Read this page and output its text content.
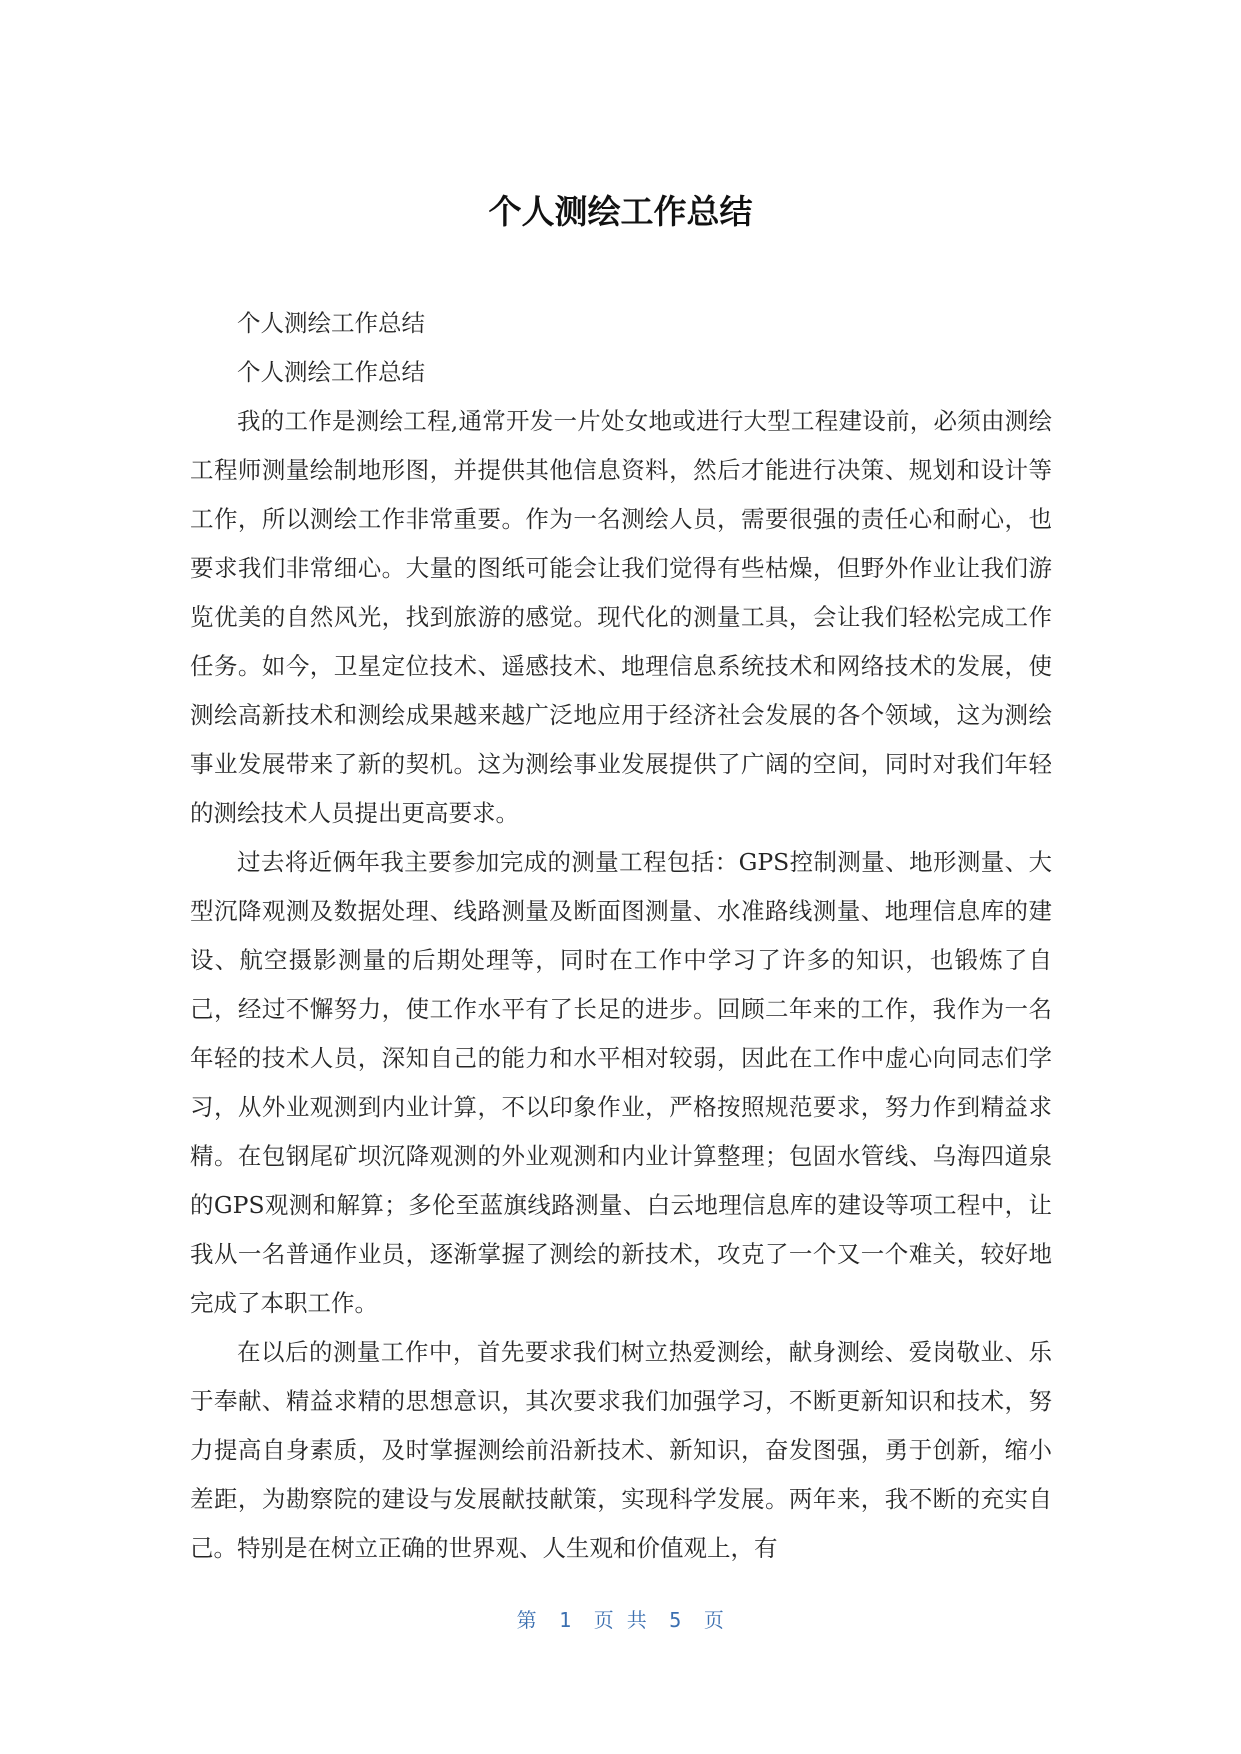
个人测绘工作总结

个人测绘工作总结

个人测绘工作总结

我的工作是测绘工程,通常开发一片处女地或进行大型工程建设前，必须由测绘工程师测量绘制地形图，并提供其他信息资料，然后才能进行决策、规划和设计等工作，所以测绘工作非常重要。作为一名测绘人员，需要很强的责任心和耐心，也要求我们非常细心。大量的图纸可能会让我们觉得有些枯燥，但野外作业让我们游览优美的自然风光，找到旅游的感觉。现代化的测量工具，会让我们轻松完成工作任务。如今，卫星定位技术、遥感技术、地理信息系统技术和网络技术的发展，使测绘高新技术和测绘成果越来越广泛地应用于经济社会发展的各个领域，这为测绘事业发展带来了新的契机。这为测绘事业发展提供了广阔的空间，同时对我们年轻的测绘技术人员提出更高要求。

过去将近俩年我主要参加完成的测量工程包括：GPS控制测量、地形测量、大型沉降观测及数据处理、线路测量及断面图测量、水准路线测量、地理信息库的建设、航空摄影测量的后期处理等，同时在工作中学习了许多的知识，也锻炼了自己，经过不懈努力，使工作水平有了长足的进步。回顾二年来的工作，我作为一名年轻的技术人员，深知自己的能力和水平相对较弱，因此在工作中虚心向同志们学习，从外业观测到内业计算，不以印象作业，严格按照规范要求，努力作到精益求精。在包钢尾矿坝沉降观测的外业观测和内业计算整理；包固水管线、乌海四道泉的GPS观测和解算；多伦至蓝旗线路测量、白云地理信息库的建设等项工程中，让我从一名普通作业员，逐渐掌握了测绘的新技术，攻克了一个又一个难关，较好地完成了本职工作。

在以后的测量工作中，首先要求我们树立热爱测绘，献身测绘、爱岗敬业、乐于奉献、精益求精的思想意识，其次要求我们加强学习，不断更新知识和技术，努力提高自身素质，及时掌握测绘前沿新技术、新知识，奋发图强，勇于创新，缩小差距，为勘察院的建设与发展献技献策，实现科学发展。两年来，我不断的充实自己。特别是在树立正确的世界观、人生观和价值观上，有

第 1 页 共 5 页
